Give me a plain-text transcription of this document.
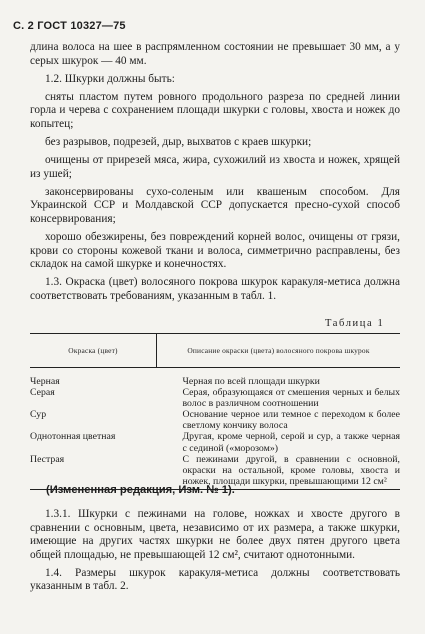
С. 2 ГОСТ 10327—75

длина волоса на шее в распрямленном состоянии не превышает 30 мм, а у серых шкурок — 40 мм.

1.2. Шкурки должны быть:

сняты пластом путем ровного продольного разреза по средней линии горла и черева с сохранением площади шкурки с головы, хвоста и ножек до копытец;

без разрывов, подрезей, дыр, выхватов с краев шкурки;

очищены от прирезей мяса, жира, сухожилий из хвоста и ножек, хрящей из ушей;

законсервированы сухо-соленым или квашеным способом. Для Украинской ССР и Молдавской ССР допускается пресно-сухой способ консервирования;

хорошо обезжирены, без повреждений корней волос, очищены от грязи, крови со стороны кожевой ткани и волоса, симметрично расправлены, без складок на самой шкурке и конечностях.

1.3. Окраска (цвет) волосяного покрова шкурок каракуля-метиса должна соответствовать требованиям, указанным в табл. 1.

Таблица 1
Окраска (цвет)	Описание окраски (цвета) волосяного покрова шкурок
Черная	Черная по всей площади шкурки
Серая	Серая, образующаяся от смешения черных и белых волос в различном соотношении
Сур	Основание черное или темное с переходом к более светлому кончику волоса
Однотонная цветная	Другая, кроме черной, серой и сур, а также черная с сединой («морозом»)
Пестрая	С пежинами другой, в сравнении с основной, окраски на остальной, кроме головы, хвоста и ножек, площади шкурки, превышающими 12 см²
(Измененная редакция, Изм. № 1).

1.3.1. Шкурки с пежинами на голове, ножках и хвосте другого в сравнении с основным, цвета, независимо от их размера, а также шкурки, имеющие на других частях шкурки не более двух пятен другого цвета общей площадью, не превышающей 12 см², считают однотонными.

1.4. Размеры шкурок каракуля-метиса должны соответствовать указанным в табл. 2.
